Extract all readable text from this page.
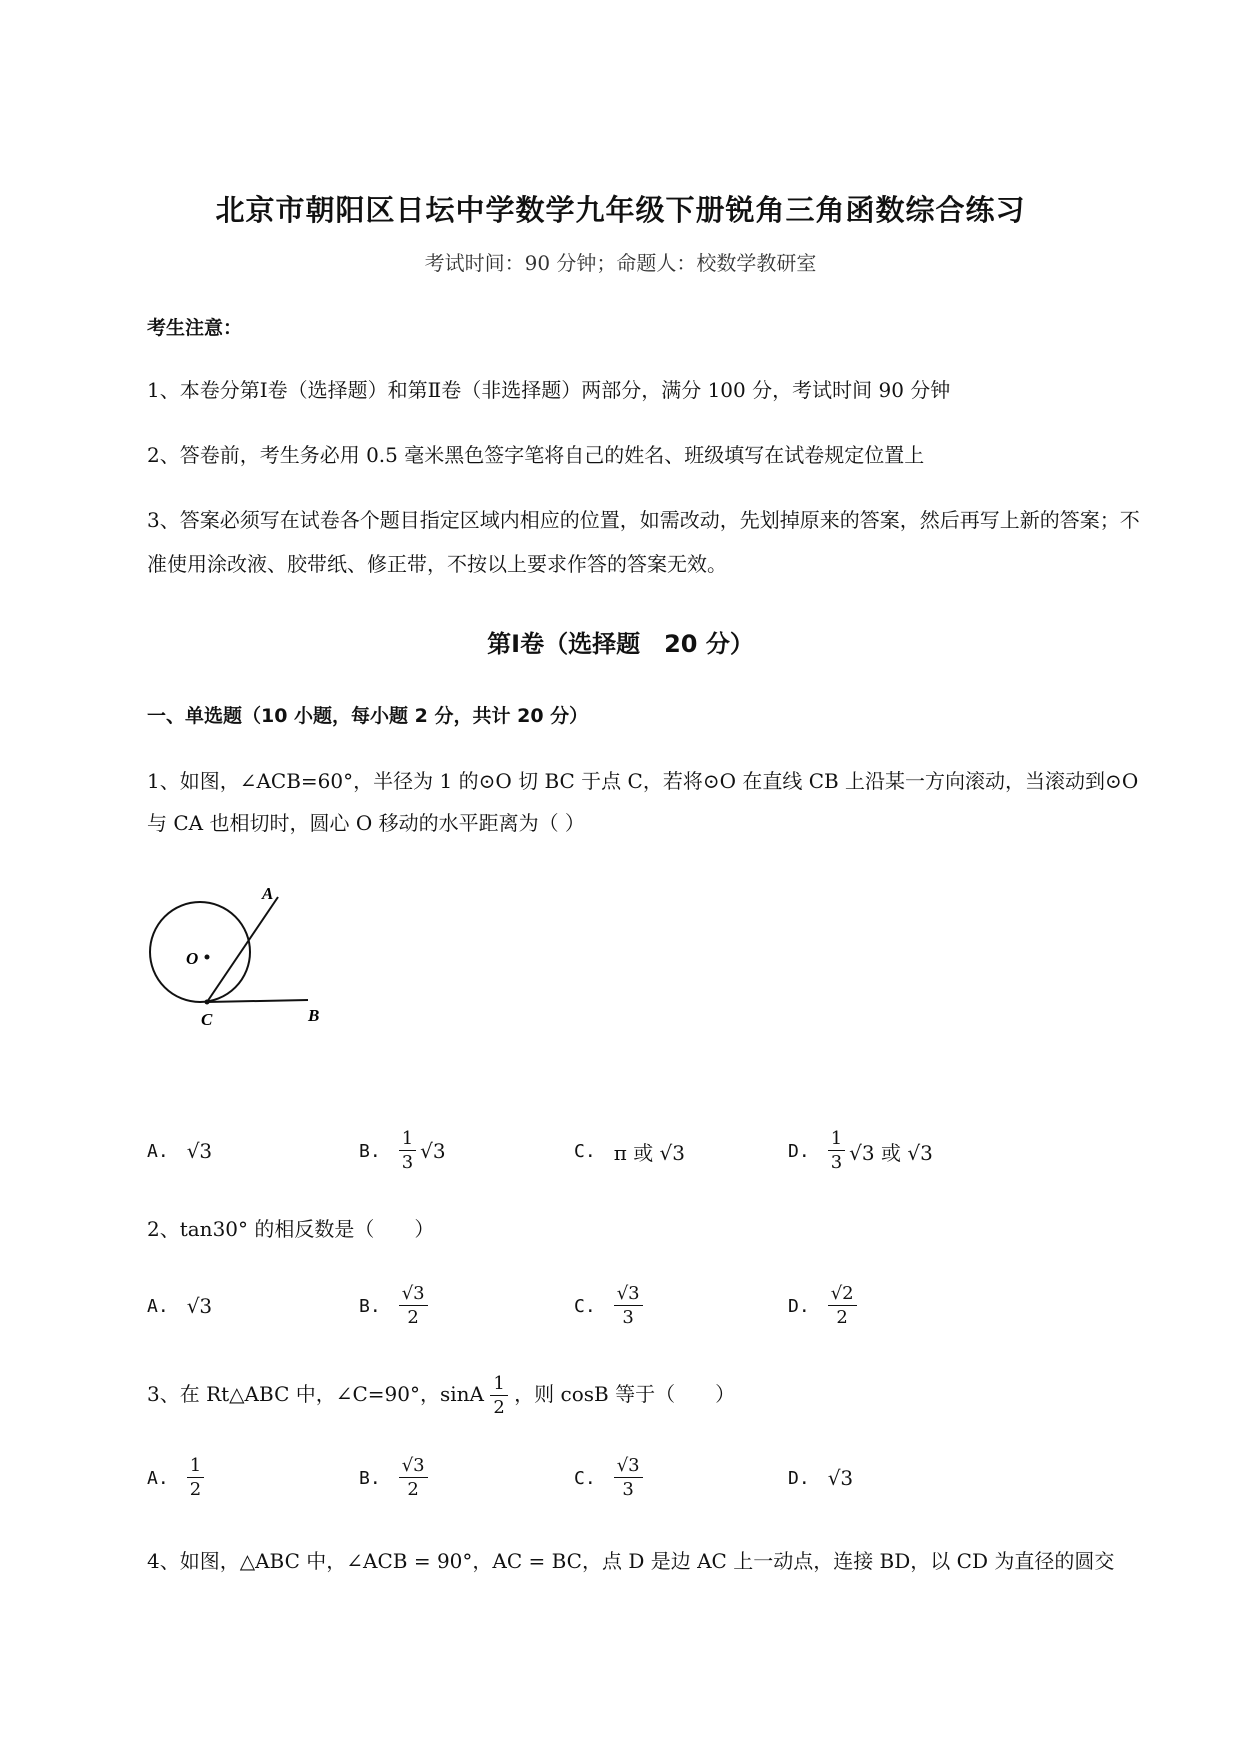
北京市朝阳区日坛中学数学九年级下册锐角三角函数综合练习
考试时间：90 分钟；命题人：校数学教研室
考生注意：
1、本卷分第Ⅰ卷（选择题）和第Ⅱ卷（非选择题）两部分，满分 100 分，考试时间 90 分钟
2、答卷前，考生务必用 0.5 毫米黑色签字笔将自己的姓名、班级填写在试卷规定位置上
3、答案必须写在试卷各个题目指定区域内相应的位置，如需改动，先划掉原来的答案，然后再写上新的答案；不准使用涂改液、胶带纸、修正带，不按以上要求作答的答案无效。
第Ⅰ卷（选择题　20 分）
一、单选题（10 小题，每小题 2 分，共计 20 分）
1、如图，∠ACB=60°，半径为 1 的⊙O 切 BC 于点 C，若将⊙O 在直线 CB 上沿某一方向滚动，当滚动到⊙O 与 CA 也相切时，圆心 O 移动的水平距离为（ ）
A
O
C	B
A. √3	B. $\frac{1}{3} √3$	C. π 或 √3	D. $\frac{1}{3} √3$ 或 √3
2、tan30° 的相反数是（　　）
A. √3	B. $\frac{√3}{2}$	C. $\frac{√3}{3}$	D. $\frac{√2}{2}$
3、在 Rt△ABC 中，∠C=90°，sinA $\frac{1}{2}$ ，则 cosB 等于（　　）
A. $\frac{1}{2}$	B. $\frac{√3}{2}$	C. $\frac{√3}{3}$	D. √3
4、如图，△ABC 中，∠ACB = 90°，AC = BC，点 D 是边 AC 上一动点，连接 BD，以 CD 为直径的圆交
